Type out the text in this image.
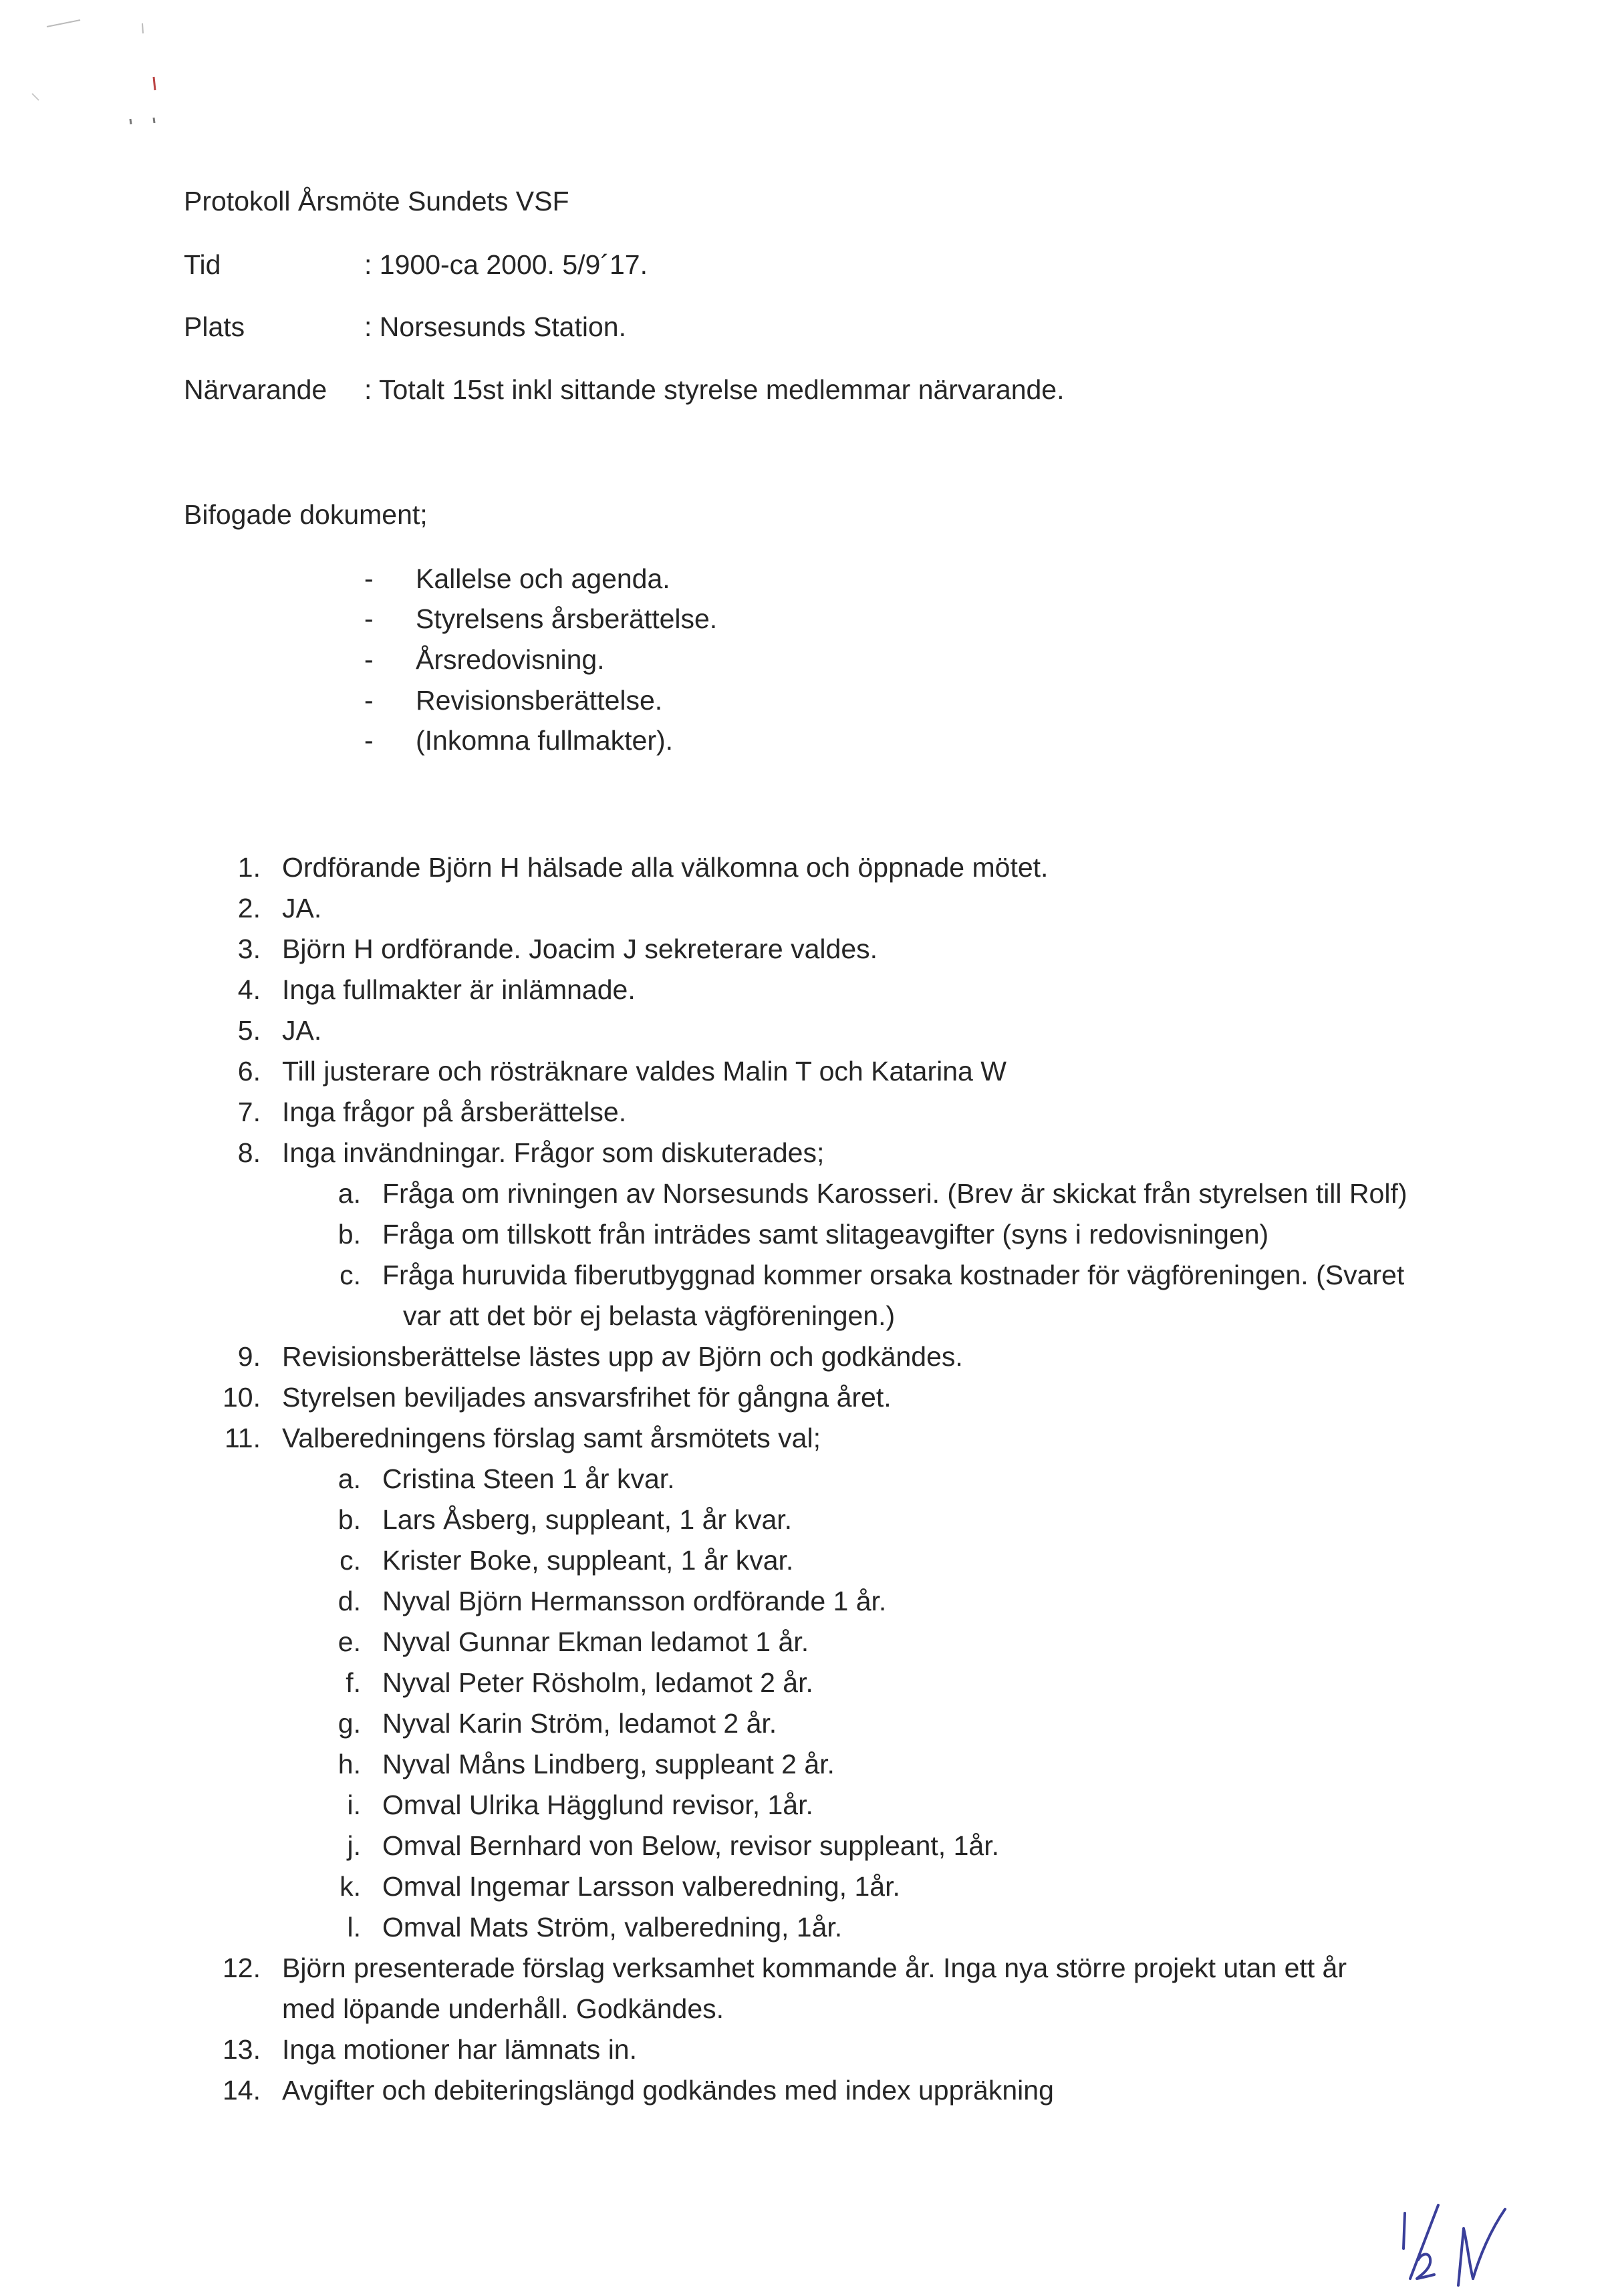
Protokoll Årsmöte Sundets VSF
Tid	: 1900-ca 2000. 5/9´17.
Plats	: Norsesunds Station.
Närvarande : Totalt 15st inkl sittande styrelse medlemmar närvarande.
Bifogade dokument;
- Kallelse och agenda.
- Styrelsens årsberättelse.
- Årsredovisning.
- Revisionsberättelse.
- (Inkomna fullmakter).
1. Ordförande Björn H hälsade alla välkomna och öppnade mötet.
2. JA.
3. Björn H ordförande. Joacim J sekreterare valdes.
4. Inga fullmakter är inlämnade.
5. JA.
6. Till justerare och rösträknare valdes Malin T och Katarina W
7. Inga frågor på årsberättelse.
8. Inga invändningar. Frågor som diskuterades;
a. Fråga om rivningen av Norsesunds Karosseri. (Brev är skickat från styrelsen till Rolf)
b. Fråga om tillskott från inträdes samt slitageavgifter (syns i redovisningen)
c. Fråga huruvida fiberutbyggnad kommer orsaka kostnader för vägföreningen. (Svaret
var att det bör ej belasta vägföreningen.)
9. Revisionsberättelse lästes upp av Björn och godkändes.
10. Styrelsen beviljades ansvarsfrihet för gångna året.
11. Valberedningens förslag samt årsmötets val;
a. Cristina Steen 1 år kvar.
b. Lars Åsberg, suppleant, 1 år kvar.
c. Krister Boke, suppleant, 1 år kvar.
d. Nyval Björn Hermansson ordförande 1 år.
e. Nyval Gunnar Ekman ledamot 1 år.
f. Nyval Peter Rösholm, ledamot 2 år.
g. Nyval Karin Ström, ledamot 2 år.
h. Nyval Måns Lindberg, suppleant 2 år.
i. Omval Ulrika Hägglund revisor, 1år.
j. Omval Bernhard von Below, revisor suppleant, 1år.
k. Omval Ingemar Larsson valberedning, 1år.
l. Omval Mats Ström, valberedning, 1år.
12. Björn presenterade förslag verksamhet kommande år. Inga nya större projekt utan ett år
med löpande underhåll. Godkändes.
13. Inga motioner har lämnats in.
14. Avgifter och debiteringslängd godkändes med index uppräkning
